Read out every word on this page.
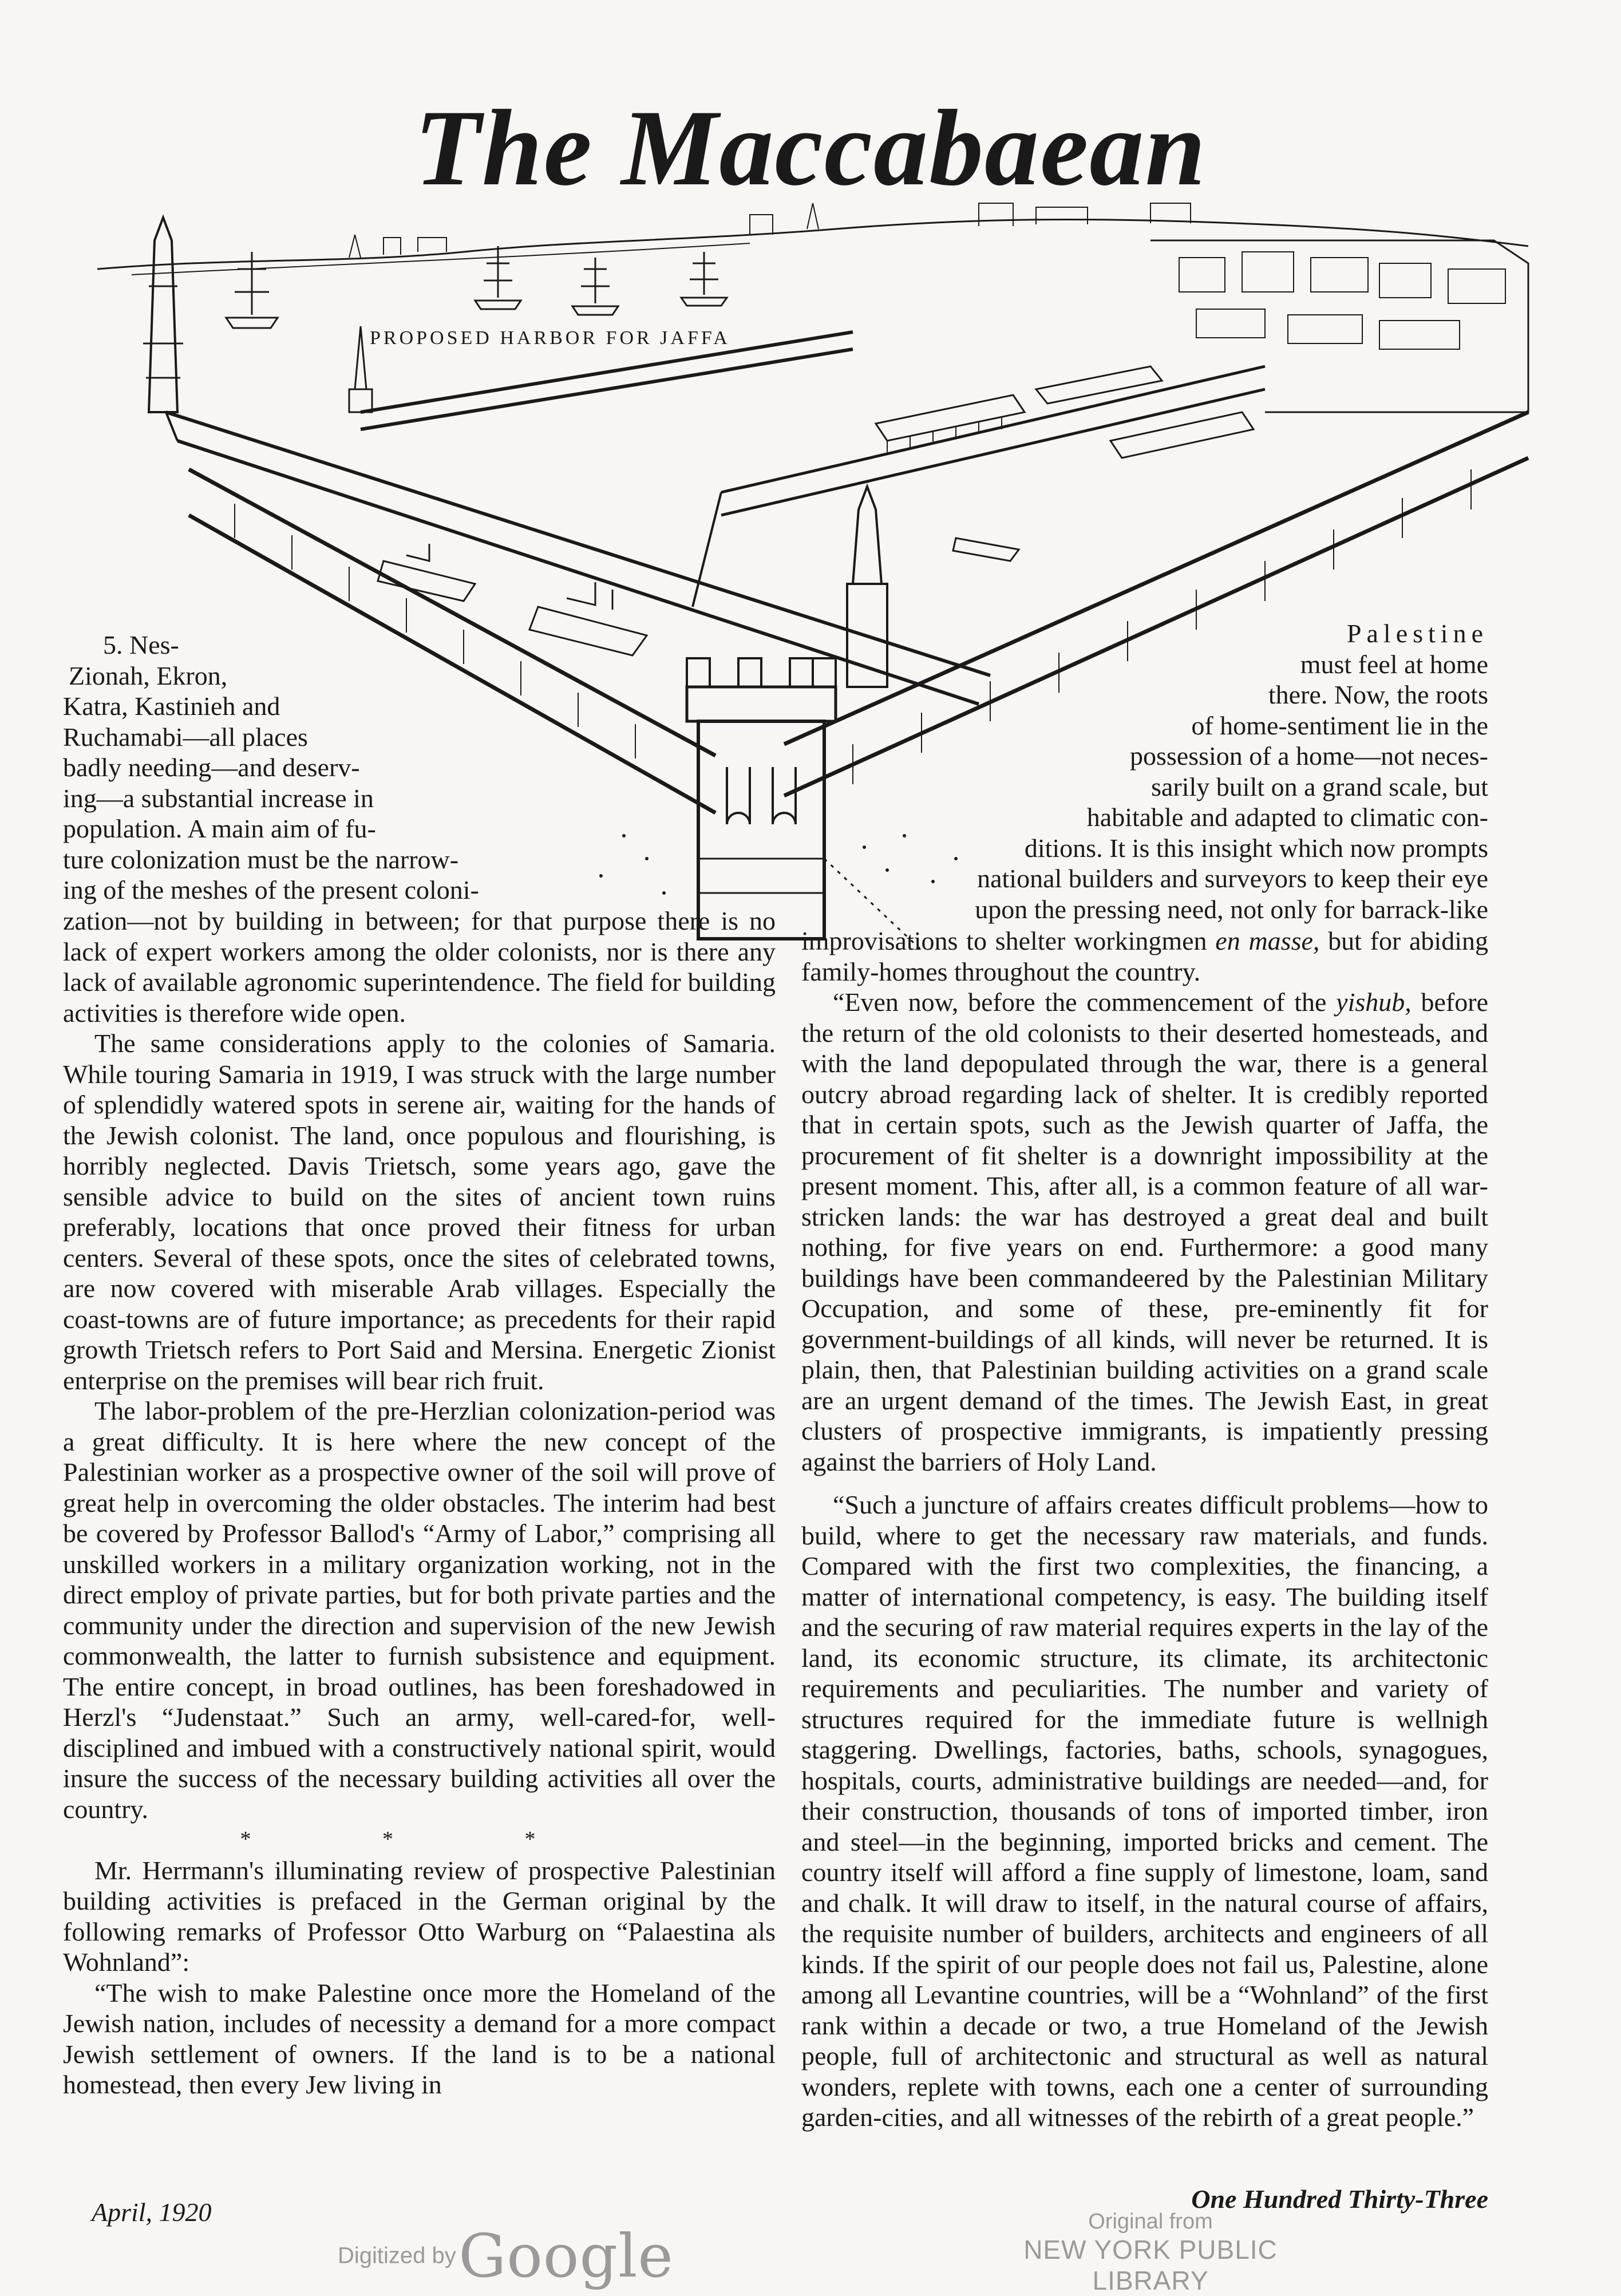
The Maccabaean
PROPOSED HARBOR FOR JAFFA
5. Nes-
Zionah, Ekron,
Katra, Kastinieh and
Ruchamabi—all places
badly needing—and deserv-
ing—a substantial increase in
population. A main aim of fu-
ture colonization must be the narrow-
ing of the meshes of the present coloni-

zation—not by building in between; for that purpose there is no lack of expert workers among the older colonists, nor is there any lack of available agronomic superintendence. The field for building activities is therefore wide open.

The same considerations apply to the colonies of Samaria. While touring Samaria in 1919, I was struck with the large number of splendidly watered spots in serene air, waiting for the hands of the Jewish colonist. The land, once populous and flourishing, is horribly neglected. Davis Trietsch, some years ago, gave the sensible advice to build on the sites of ancient town ruins preferably, locations that once proved their fitness for urban centers. Several of these spots, once the sites of celebrated towns, are now covered with miserable Arab villages. Especially the coast-towns are of future importance; as precedents for their rapid growth Trietsch refers to Port Said and Mersina. Energetic Zionist enterprise on the premises will bear rich fruit.

The labor-problem of the pre-Herzlian colonization-period was a great difficulty. It is here where the new concept of the Palestinian worker as a prospective owner of the soil will prove of great help in overcoming the older obstacles. The interim had best be covered by Professor Ballod's “Army of Labor,” comprising all unskilled workers in a military organization working, not in the direct employ of private parties, but for both private parties and the community under the direction and supervision of the new Jewish commonwealth, the latter to furnish subsistence and equipment. The entire concept, in broad outlines, has been foreshadowed in Herzl's “Judenstaat.” Such an army, well-cared-for, well-disciplined and imbued with a constructively national spirit, would insure the success of the necessary building activities all over the country.

* * *

Mr. Herrmann's illuminating review of prospective Palestinian building activities is prefaced in the German original by the following remarks of Professor Otto Warburg on “Palaestina als Wohnland”:

“The wish to make Palestine once more the Homeland of the Jewish nation, includes of necessity a demand for a more compact Jewish settlement of owners. If the land is to be a national homestead, then every Jew living in

Palestine
must feel at home
there. Now, the roots
of home-sentiment lie in the
possession of a home—not neces-
sarily built on a grand scale, but
habitable and adapted to climatic con-
ditions. It is this insight which now prompts
national builders and surveyors to keep their eye
upon the pressing need, not only for barrack-like

improvisations to shelter workingmen en masse, but for abiding family-homes throughout the country.

“Even now, before the commencement of the yishub, before the return of the old colonists to their deserted homesteads, and with the land depopulated through the war, there is a general outcry abroad regarding lack of shelter. It is credibly reported that in certain spots, such as the Jewish quarter of Jaffa, the procurement of fit shelter is a downright impossibility at the present moment. This, after all, is a common feature of all war-stricken lands: the war has destroyed a great deal and built nothing, for five years on end. Furthermore: a good many buildings have been commandeered by the Palestinian Military Occupation, and some of these, pre-eminently fit for government-buildings of all kinds, will never be returned. It is plain, then, that Palestinian building activities on a grand scale are an urgent demand of the times. The Jewish East, in great clusters of prospective immigrants, is impatiently pressing against the barriers of Holy Land.

“Such a juncture of affairs creates difficult problems—how to build, where to get the necessary raw materials, and funds. Compared with the first two complexities, the financing, a matter of international competency, is easy. The building itself and the securing of raw material requires experts in the lay of the land, its economic structure, its climate, its architectonic requirements and peculiarities. The number and variety of structures required for the immediate future is wellnigh staggering. Dwellings, factories, baths, schools, synagogues, hospitals, courts, administrative buildings are needed—and, for their construction, thousands of tons of imported timber, iron and steel—in the beginning, imported bricks and cement. The country itself will afford a fine supply of limestone, loam, sand and chalk. It will draw to itself, in the natural course of affairs, the requisite number of builders, architects and engineers of all kinds. If the spirit of our people does not fail us, Palestine, alone among all Levantine countries, will be a “Wohnland” of the first rank within a decade or two, a true Homeland of the Jewish people, full of architectonic and structural as well as natural wonders, replete with towns, each one a center of surrounding garden-cities, and all witnesses of the rebirth of a great people.”

April, 1920	One Hundred Thirty-Three
Digitized by Google	Original from
NEW YORK PUBLIC LIBRARY
